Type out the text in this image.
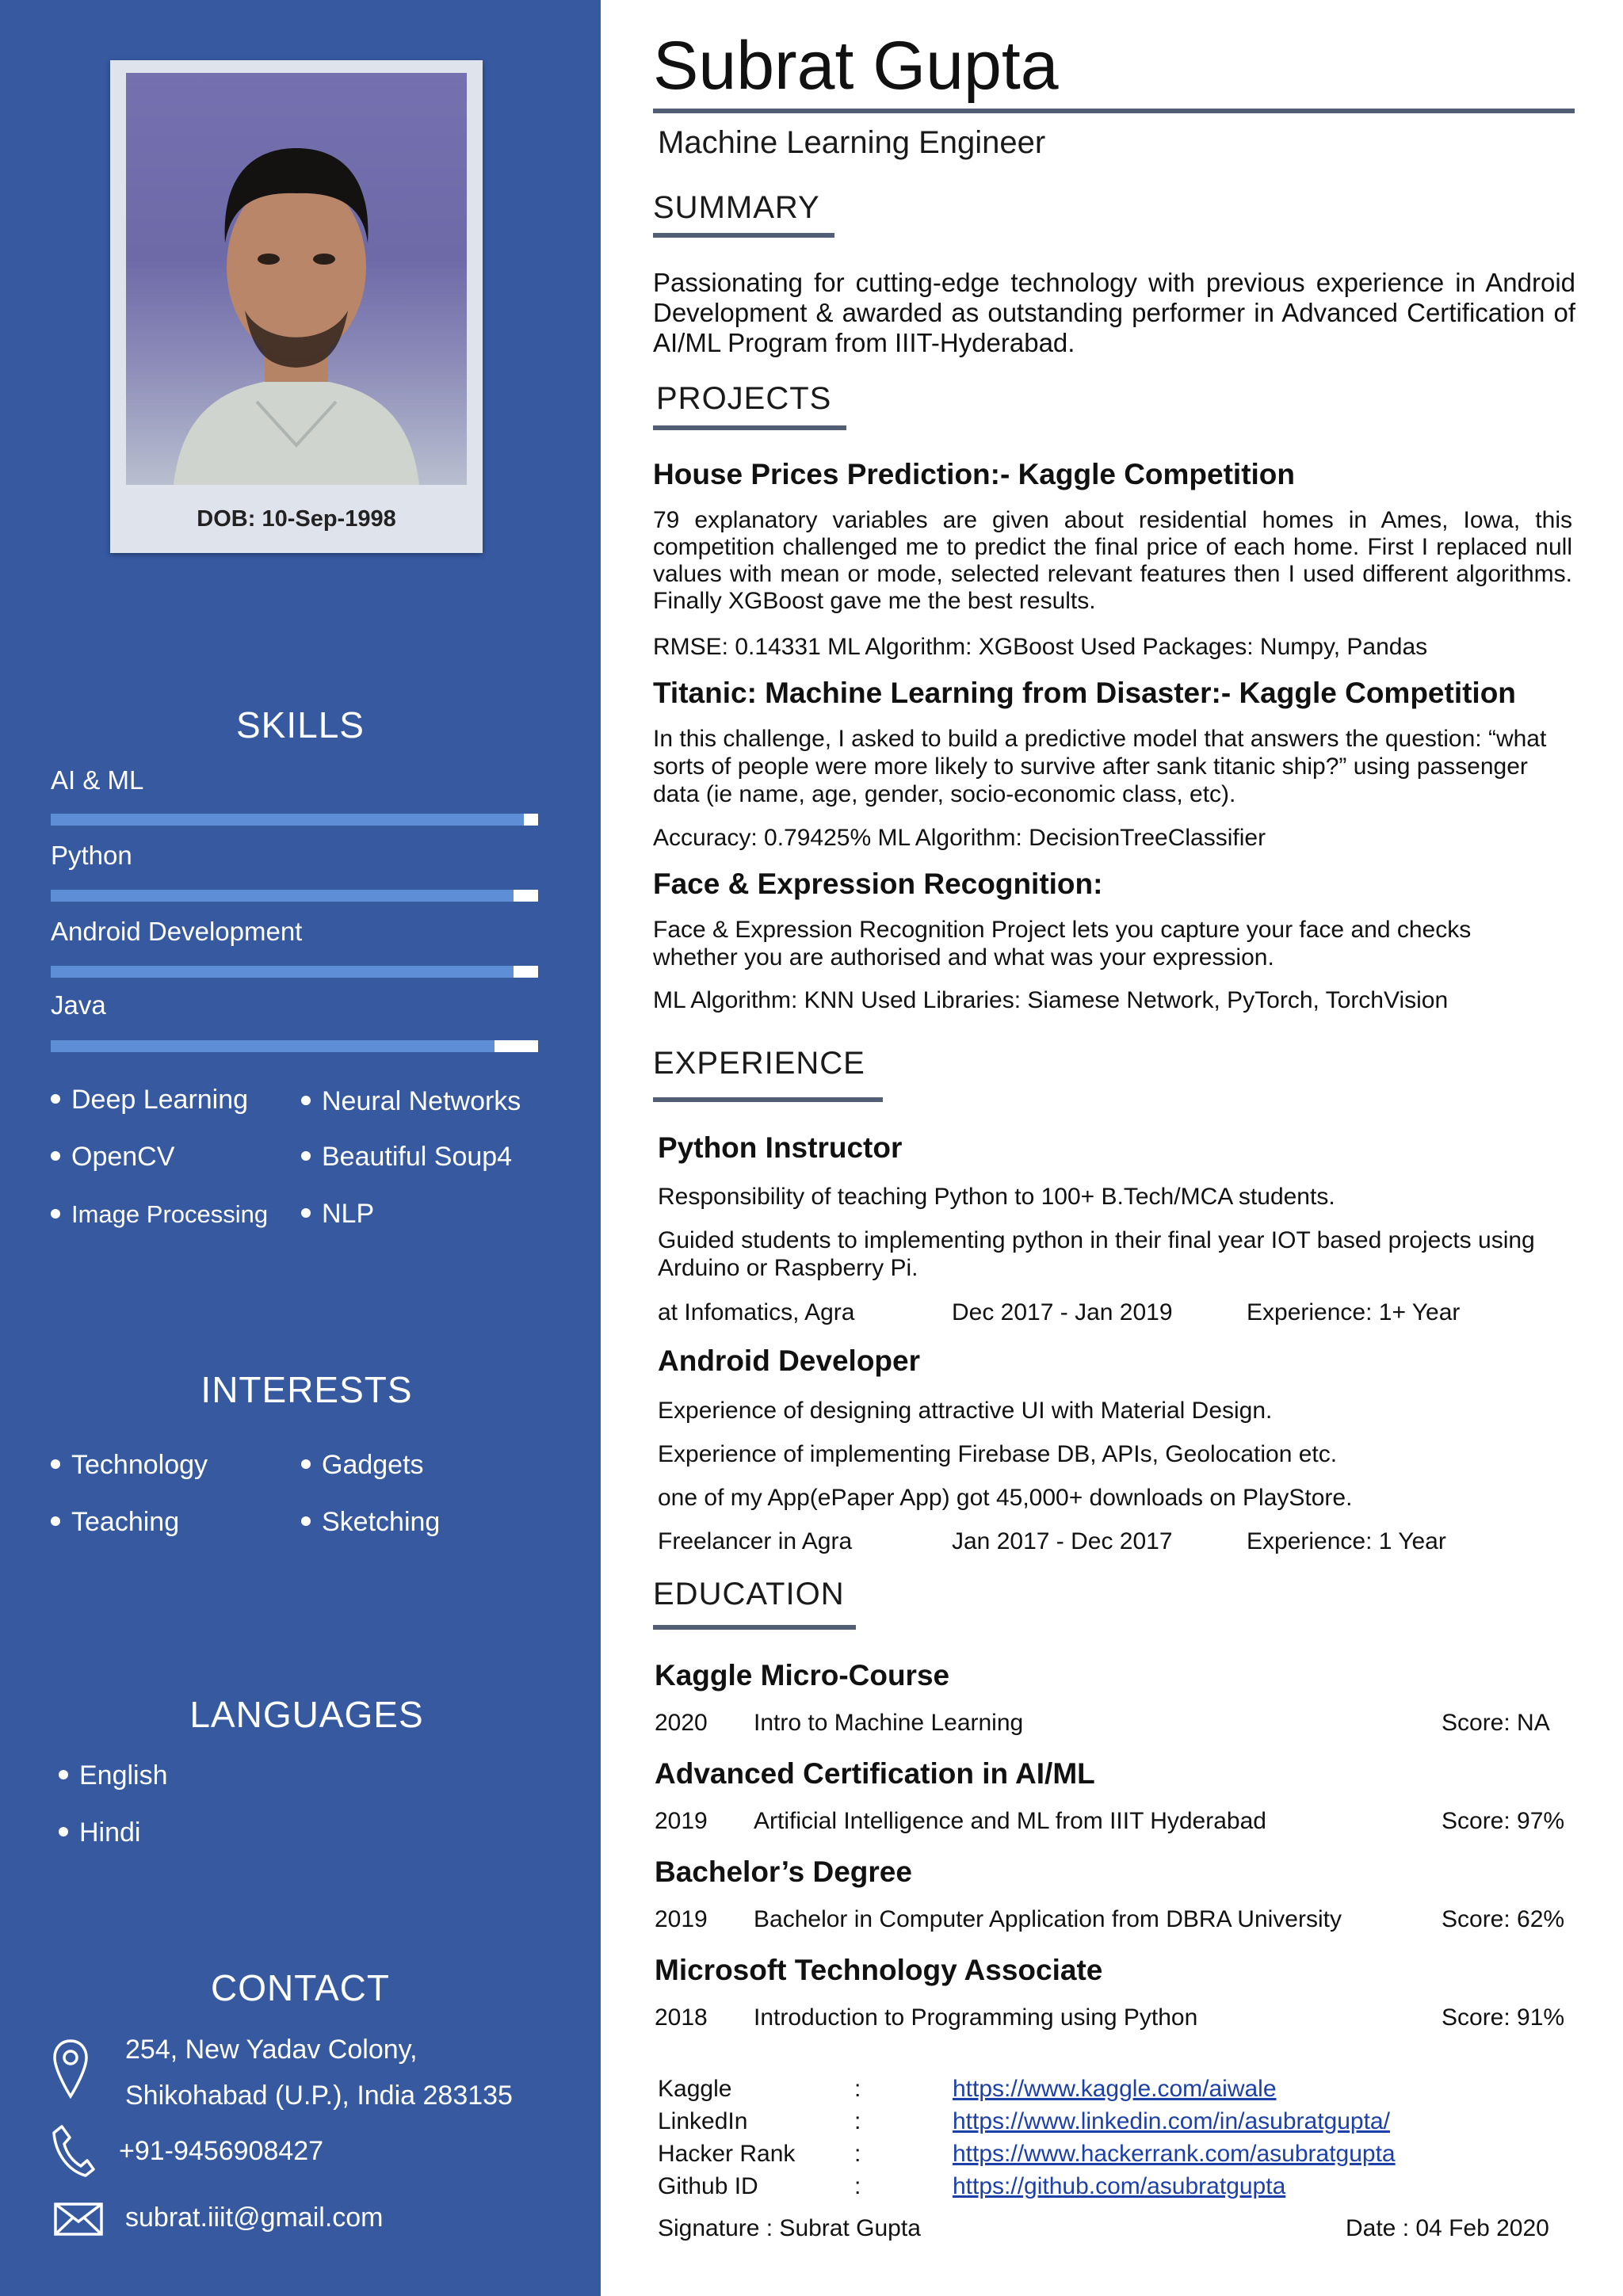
DOB: 10-Sep-1998
SKILLS
AI & ML
Python
Android Development
Java
Deep Learning	Neural Networks
OpenCV	Beautiful Soup4
Image Processing	NLP
INTERESTS
Technology	Gadgets
Teaching	Sketching
LANGUAGES
English
Hindi
CONTACT
254, New Yadav Colony,
Shikohabad (U.P.), India 283135
+91-9456908427
subrat.iiit@gmail.com
Subrat Gupta
Machine Learning Engineer
SUMMARY
Passionating for cutting-edge technology with previous experience in Android Development & awarded as outstanding performer in Advanced Certification of AI/ML Program from IIIT-Hyderabad.
PROJECTS
House Prices Prediction:- Kaggle Competition
79 explanatory variables are given about residential homes in Ames, Iowa, this competition challenged me to predict the final price of each home. First I replaced null values with mean or mode, selected relevant features then I used different algorithms. Finally XGBoost gave me the best results.
RMSE: 0.14331 ML Algorithm: XGBoost Used Packages: Numpy, Pandas
Titanic: Machine Learning from Disaster:- Kaggle Competition
In this challenge, I asked to build a predictive model that answers the question: “what sorts of people were more likely to survive after sank titanic ship?” using passenger data (ie name, age, gender, socio-economic class, etc).
Accuracy: 0.79425% ML Algorithm: DecisionTreeClassifier
Face & Expression Recognition:
Face & Expression Recognition Project lets you capture your face and checks whether you are authorised and what was your expression.
ML Algorithm: KNN Used Libraries: Siamese Network, PyTorch, TorchVision
EXPERIENCE
Python Instructor
Responsibility of teaching Python to 100+ B.Tech/MCA students.
Guided students to implementing python in their final year IOT based projects using Arduino or Raspberry Pi.
at Infomatics, Agra	Dec 2017 - Jan 2019	Experience: 1+ Year
Android Developer
Experience of designing attractive UI with Material Design.
Experience of implementing Firebase DB, APIs, Geolocation etc.
one of my App(ePaper App) got 45,000+ downloads on PlayStore.
Freelancer in Agra	Jan 2017 - Dec 2017	Experience: 1 Year
EDUCATION
Kaggle Micro-Course
2020 Intro to Machine Learning	Score: NA
Advanced Certification in AI/ML
2019 Artificial Intelligence and ML from IIIT Hyderabad	Score: 97%
Bachelor’s Degree
2019 Bachelor in Computer Application from DBRA University	Score: 62%
Microsoft Technology Associate
2018 Introduction to Programming using Python	Score: 91%
Kaggle	:	https://www.kaggle.com/aiwale
LinkedIn	:	https://www.linkedin.com/in/asubratgupta/
Hacker Rank :	https://www.hackerrank.com/asubratgupta
Github ID	:	https://github.com/asubratgupta
Signature : Subrat Gupta	Date : 04 Feb 2020
